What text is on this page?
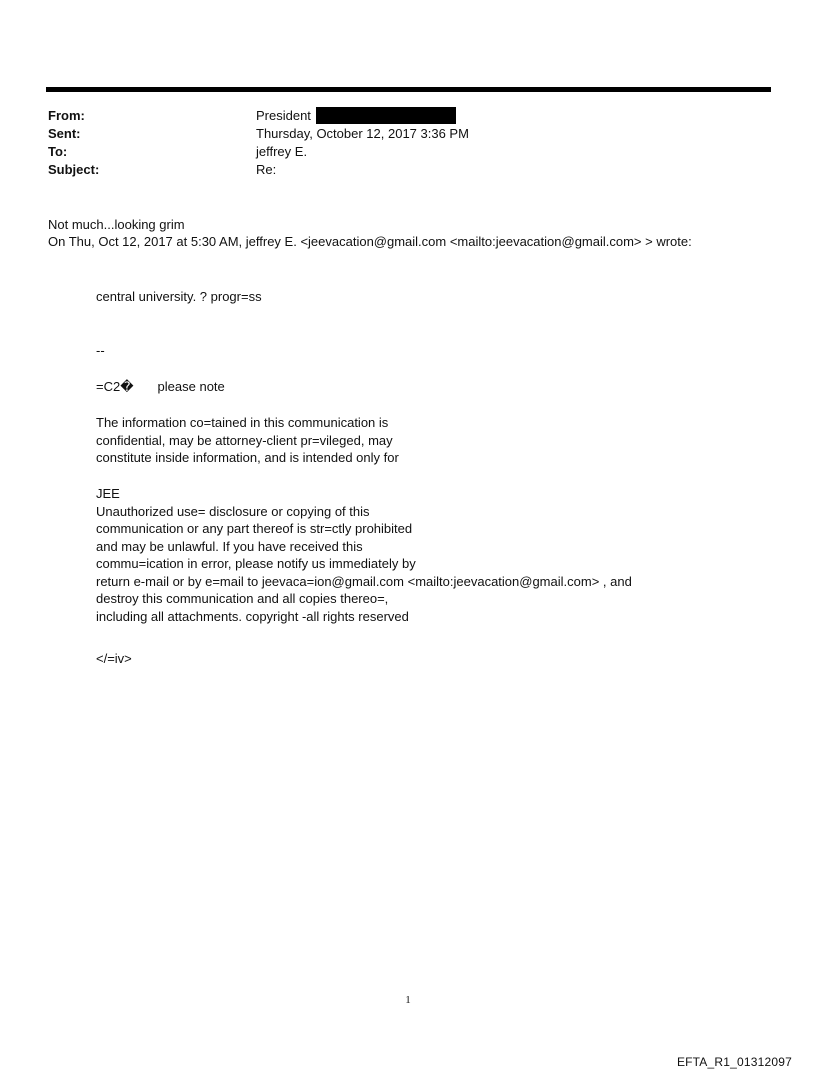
From:	President
Sent:	Thursday, October 12, 2017 3:36 PM
To:	jeffrey E.
Subject:	Re:

Not much...looking grim

On Thu, Oct 12, 2017 at 5:30 AM, jeffrey E. <jeevacation@gmail.com <mailto:jeevacation@gmail.com> > wrote:

central university. ? progr=ss

--

=C2� please note

The information co=tained in this communication is

confidential, may be attorney-client pr=vileged, may

constitute inside information, and is intended only for

JEE

Unauthorized use= disclosure or copying of this

communication or any part thereof is str=ctly prohibited

and may be unlawful. If you have received this

commu=ication in error, please notify us immediately by

return e-mail or by e=mail to jeevaca=ion@gmail.com <mailto:jeevacation@gmail.com> , and

destroy this communication and all copies thereo=,

including all attachments. copyright -all rights reserved

</=iv>

1
EFTA_R1_01312097
